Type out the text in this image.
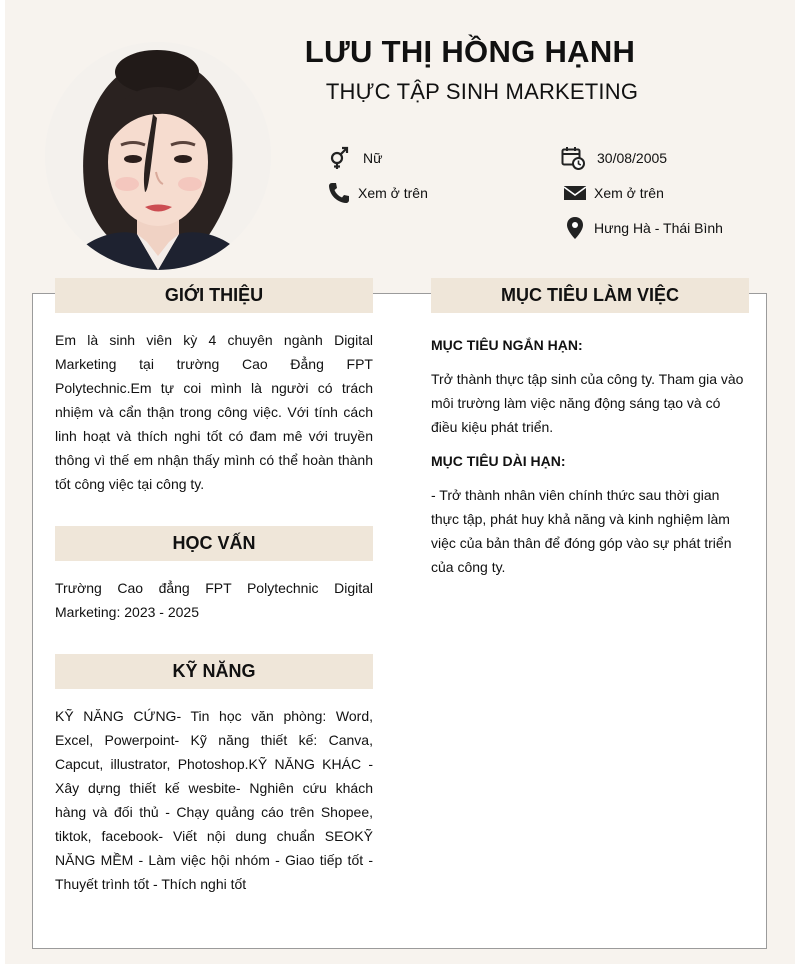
LƯU THỊ HỒNG HẠNH
THỰC TẬP SINH MARKETING
Nữ	30/08/2005
Xem ở trên	Xem ở trên
Hưng Hà - Thái Bình
GIỚI THIỆU
Em là sinh viên kỳ 4 chuyên ngành Digital Marketing tại trường Cao Đẳng FPT Polytechnic.Em tự coi mình là người có trách nhiệm và cẩn thận trong công việc. Với tính cách linh hoạt và thích nghi tốt có đam mê với truyền thông vì thế em nhận thấy mình có thể hoàn thành tốt công việc tại công ty.
HỌC VẤN
Trường Cao đẳng FPT Polytechnic Digital Marketing: 2023 - 2025
KỸ NĂNG
KỸ NĂNG CỨNG- Tin học văn phòng: Word, Excel, Powerpoint- Kỹ năng thiết kế: Canva, Capcut, illustrator, Photoshop.KỸ NĂNG KHÁC - Xây dựng thiết kế wesbite- Nghiên cứu khách hàng và đối thủ - Chạy quảng cáo trên Shopee, tiktok, facebook- Viết nội dung chuẩn SEOKỸ NĂNG MỀM - Làm việc hội nhóm - Giao tiếp tốt - Thuyết trình tốt - Thích nghi tốt
MỤC TIÊU LÀM VIỆC
MỤC TIÊU NGẮN HẠN:
Trở thành thực tập sinh của công ty. Tham gia vào môi trường làm việc năng động sáng tạo và có điều kiệu phát triển.
MỤC TIÊU DÀI HẠN:
- Trở thành nhân viên chính thức sau thời gian thực tập, phát huy khả năng và kinh nghiệm làm việc của bản thân để đóng góp vào sự phát triển của công ty.
